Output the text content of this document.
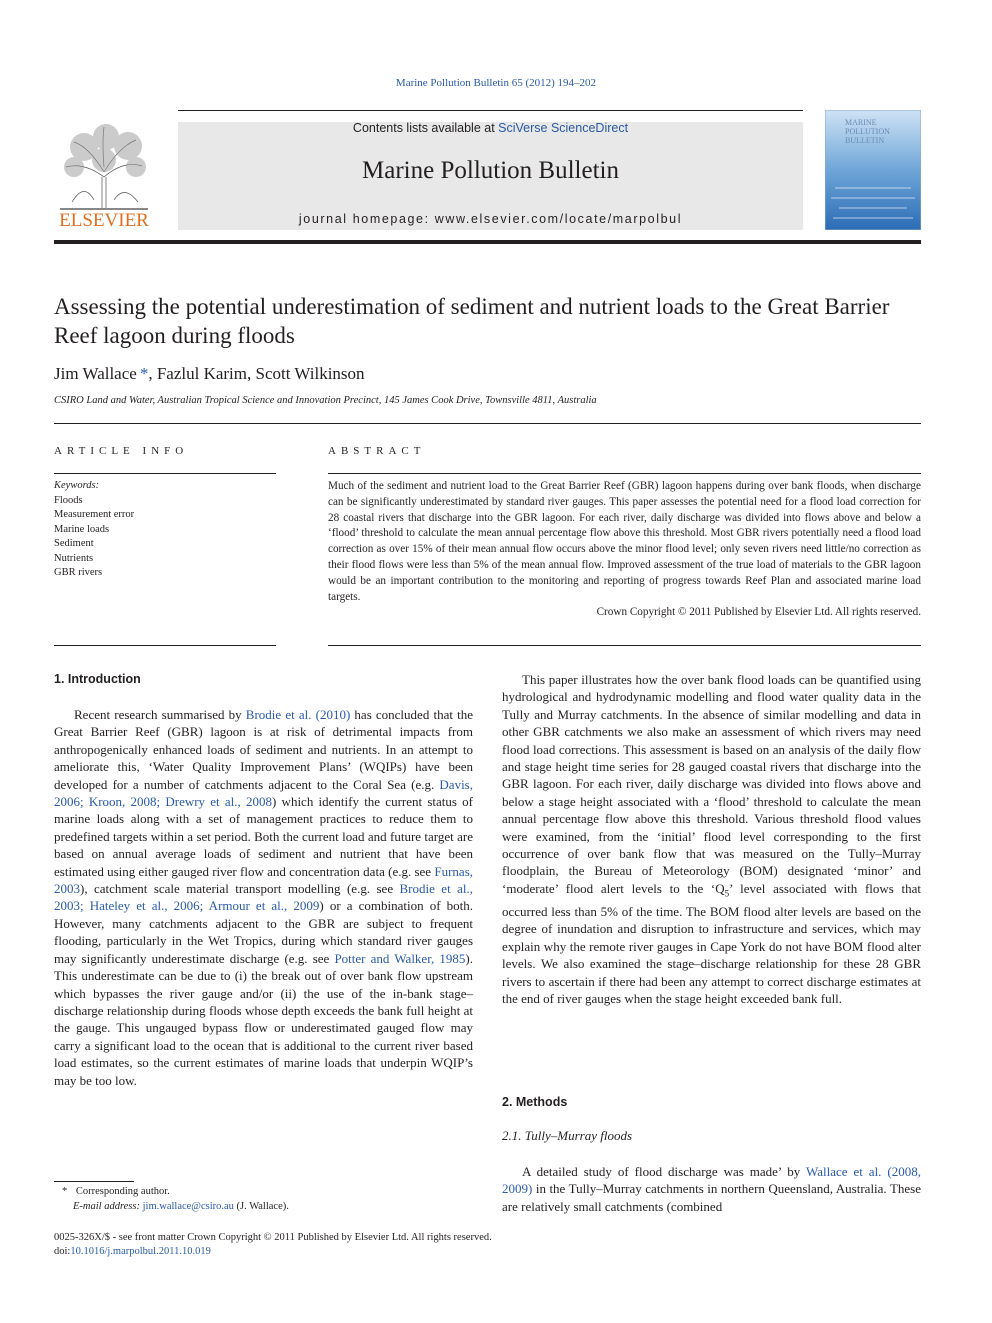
Marine Pollution Bulletin 65 (2012) 194–202
ELSEVIER
Contents lists available at SciVerse ScienceDirect
Marine Pollution Bulletin
journal homepage: www.elsevier.com/locate/marpolbul
MARINE POLLUTION BULLETIN
Assessing the potential underestimation of sediment and nutrient loads to the Great Barrier Reef lagoon during floods
Jim Wallace *, Fazlul Karim, Scott Wilkinson
CSIRO Land and Water, Australian Tropical Science and Innovation Precinct, 145 James Cook Drive, Townsville 4811, Australia
ARTICLE INFO
Keywords:
Floods
Measurement error
Marine loads
Sediment
Nutrients
GBR rivers
ABSTRACT
Much of the sediment and nutrient load to the Great Barrier Reef (GBR) lagoon happens during over bank floods, when discharge can be significantly underestimated by standard river gauges. This paper assesses the potential need for a flood load correction for 28 coastal rivers that discharge into the GBR lagoon. For each river, daily discharge was divided into flows above and below a ‘flood’ threshold to calculate the mean annual percentage flow above this threshold. Most GBR rivers potentially need a flood load correction as over 15% of their mean annual flow occurs above the minor flood level; only seven rivers need little/no correction as their flood flows were less than 5% of the mean annual flow. Improved assessment of the true load of materials to the GBR lagoon would be an important contribution to the monitoring and reporting of progress towards Reef Plan and associated marine load targets.
Crown Copyright © 2011 Published by Elsevier Ltd. All rights reserved.
1. Introduction

Recent research summarised by Brodie et al. (2010) has concluded that the Great Barrier Reef (GBR) lagoon is at risk of detrimental impacts from anthropogenically enhanced loads of sediment and nutrients. In an attempt to ameliorate this, ‘Water Quality Improvement Plans’ (WQIPs) have been developed for a number of catchments adjacent to the Coral Sea (e.g. Davis, 2006; Kroon, 2008; Drewry et al., 2008) which identify the current status of marine loads along with a set of management practices to reduce them to predefined targets within a set period. Both the current load and future target are based on annual average loads of sediment and nutrient that have been estimated using either gauged river flow and concentration data (e.g. see Furnas, 2003), catchment scale material transport modelling (e.g. see Brodie et al., 2003; Hateley et al., 2006; Armour et al., 2009) or a combination of both. However, many catchments adjacent to the GBR are subject to frequent flooding, particularly in the Wet Tropics, during which standard river gauges may significantly underestimate discharge (e.g. see Potter and Walker, 1985). This underestimate can be due to (i) the break out of over bank flow upstream which bypasses the river gauge and/or (ii) the use of the in-bank stage–discharge relationship during floods whose depth exceeds the bank full height at the gauge. This ungauged bypass flow or underestimated gauged flow may carry a significant load to the ocean that is additional to the current river based load estimates, so the current estimates of marine loads that underpin WQIP’s may be too low.

* Corresponding author.
E-mail address: jim.wallace@csiro.au (J. Wallace).

This paper illustrates how the over bank flood loads can be quantified using hydrological and hydrodynamic modelling and flood water quality data in the Tully and Murray catchments. In the absence of similar modelling and data in other GBR catchments we also make an assessment of which rivers may need flood load corrections. This assessment is based on an analysis of the daily flow and stage height time series for 28 gauged coastal rivers that discharge into the GBR lagoon. For each river, daily discharge was divided into flows above and below a stage height associated with a ‘flood’ threshold to calculate the mean annual percentage flow above this threshold. Various threshold flood values were examined, from the ‘initial’ flood level corresponding to the first occurrence of over bank flow that was measured on the Tully–Murray floodplain, the Bureau of Meteorology (BOM) designated ‘minor’ and ‘moderate’ flood alert levels to the ‘$Q_5$’ level associated with flows that occurred less than 5% of the time. The BOM flood alter levels are based on the degree of inundation and disruption to infrastructure and services, which may explain why the remote river gauges in Cape York do not have BOM flood alter levels. We also examined the stage–discharge relationship for these 28 GBR rivers to ascertain if there had been any attempt to correct discharge estimates at the end of river gauges when the stage height exceeded bank full.

2. Methods
2.1. Tully–Murray floods

A detailed study of flood discharge was made’ by Wallace et al. (2008, 2009) in the Tully–Murray catchments in northern Queensland, Australia. These are relatively small catchments (combined

0025-326X/$ - see front matter Crown Copyright © 2011 Published by Elsevier Ltd. All rights reserved.
doi:10.1016/j.marpolbul.2011.10.019
